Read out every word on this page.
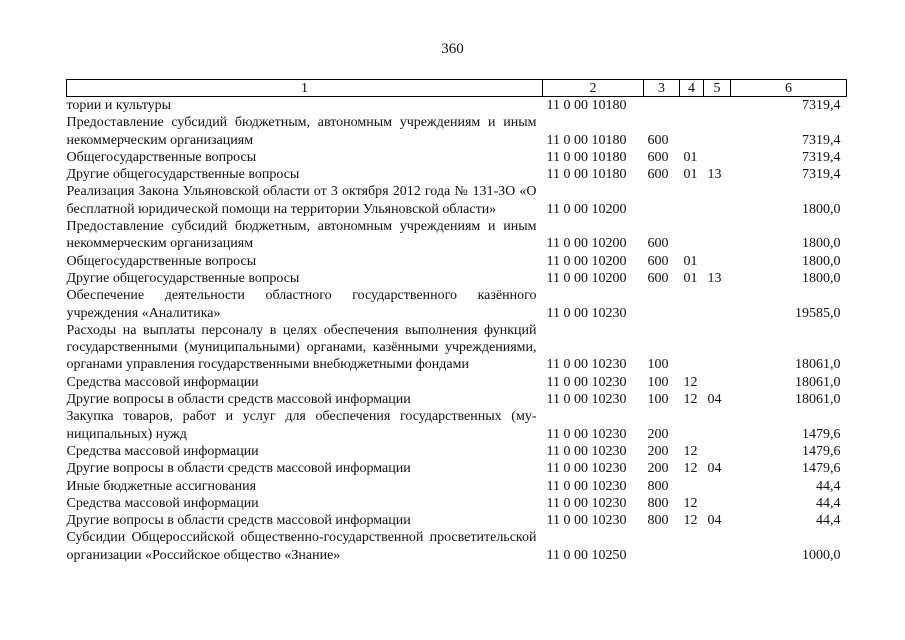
360
1	2	3	4	5	6
тории и культуры	11 0 00 10180				7319,4
Предоставление субсидий бюджетным, автономным учреждениям и иным некоммерческим организациям	11 0 00 10180	600			7319,4
Общегосударственные вопросы	11 0 00 10180	600	01		7319,4
Другие общегосударственные вопросы	11 0 00 10180	600	01	13	7319,4
Реализация Закона Ульяновской области от 3 октября 2012 года № 131-ЗО «О бесплатной юридической помощи на территории Ульяновской области»	11 0 00 10200				1800,0
Предоставление субсидий бюджетным, автономным учреждениям и иным некоммерческим организациям	11 0 00 10200	600			1800,0
Общегосударственные вопросы	11 0 00 10200	600	01		1800,0
Другие общегосударственные вопросы	11 0 00 10200	600	01	13	1800,0
Обеспечение деятельности областного государственного казённого учреждения «Аналитика»	11 0 00 10230				19585,0
Расходы на выплаты персоналу в целях обеспечения выполнения функций государственными (муниципальными) органами, казёнными учреждениями, органами управления государственными внебюджетными фондами	11 0 00 10230	100			18061,0
Средства массовой информации	11 0 00 10230	100	12		18061,0
Другие вопросы в области средств массовой информации	11 0 00 10230	100	12	04	18061,0
Закупка товаров, работ и услуг для обеспечения государственных (муниципальных) нужд	11 0 00 10230	200			1479,6
Средства массовой информации	11 0 00 10230	200	12		1479,6
Другие вопросы в области средств массовой информации	11 0 00 10230	200	12	04	1479,6
Иные бюджетные ассигнования	11 0 00 10230	800			44,4
Средства массовой информации	11 0 00 10230	800	12		44,4
Другие вопросы в области средств массовой информации	11 0 00 10230	800	12	04	44,4
Субсидии Общероссийской общественно-государственной просветительской организации «Российское общество «Знание»	11 0 00 10250				1000,0
